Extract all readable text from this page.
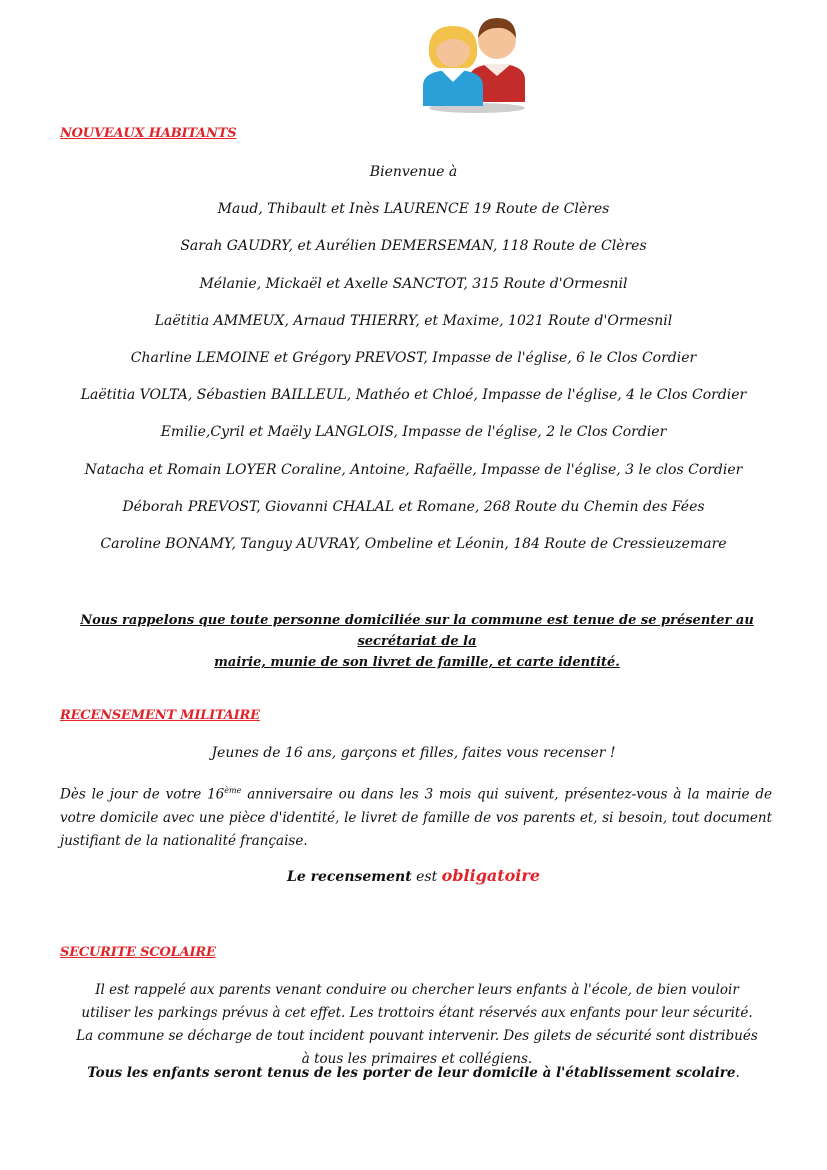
NOUVEAUX HABITANTS
Bienvenue à
Maud, Thibault et Inès LAURENCE 19 Route de Clères
Sarah GAUDRY, et Aurélien DEMERSEMAN, 118 Route de Clères
Mélanie, Mickaël et Axelle SANCTOT, 315 Route d'Ormesnil
Laëtitia AMMEUX, Arnaud THIERRY, et Maxime, 1021 Route d'Ormesnil
Charline LEMOINE et Grégory PREVOST, Impasse de l'église, 6 le Clos Cordier
Laëtitia VOLTA, Sébastien BAILLEUL, Mathéo et Chloé, Impasse de l'église, 4 le Clos Cordier
Emilie,Cyril et Maëly LANGLOIS, Impasse de l'église, 2 le Clos Cordier
Natacha et Romain LOYER Coraline, Antoine, Rafaëlle, Impasse de l'église, 3 le clos Cordier
Déborah PREVOST, Giovanni CHALAL et Romane, 268 Route du Chemin des Fées
Caroline BONAMY, Tanguy AUVRAY, Ombeline et Léonin, 184 Route de Cressieuzemare
Nous rappelons que toute personne domiciliée sur la commune est tenue de se présenter au secrétariat de la
mairie, munie de son livret de famille, et carte identité.
RECENSEMENT MILITAIRE
Jeunes de 16 ans, garçons et filles, faites vous recenser !
Dès le jour de votre 16ème anniversaire ou dans les 3 mois qui suivent, présentez-vous à la mairie de votre domicile avec une pièce d'identité, le livret de famille de vos parents et, si besoin, tout document justifiant de la nationalité française.
Le recensement est obligatoire
SECURITE SCOLAIRE
Il est rappelé aux parents venant conduire ou chercher leurs enfants à l'école, de bien vouloir utiliser les parkings prévus à cet effet. Les trottoirs étant réservés aux enfants pour leur sécurité. La commune se décharge de tout incident pouvant intervenir. Des gilets de sécurité sont distribués à tous les primaires et collégiens.
Tous les enfants seront tenus de les porter de leur domicile à l'établissement scolaire.
